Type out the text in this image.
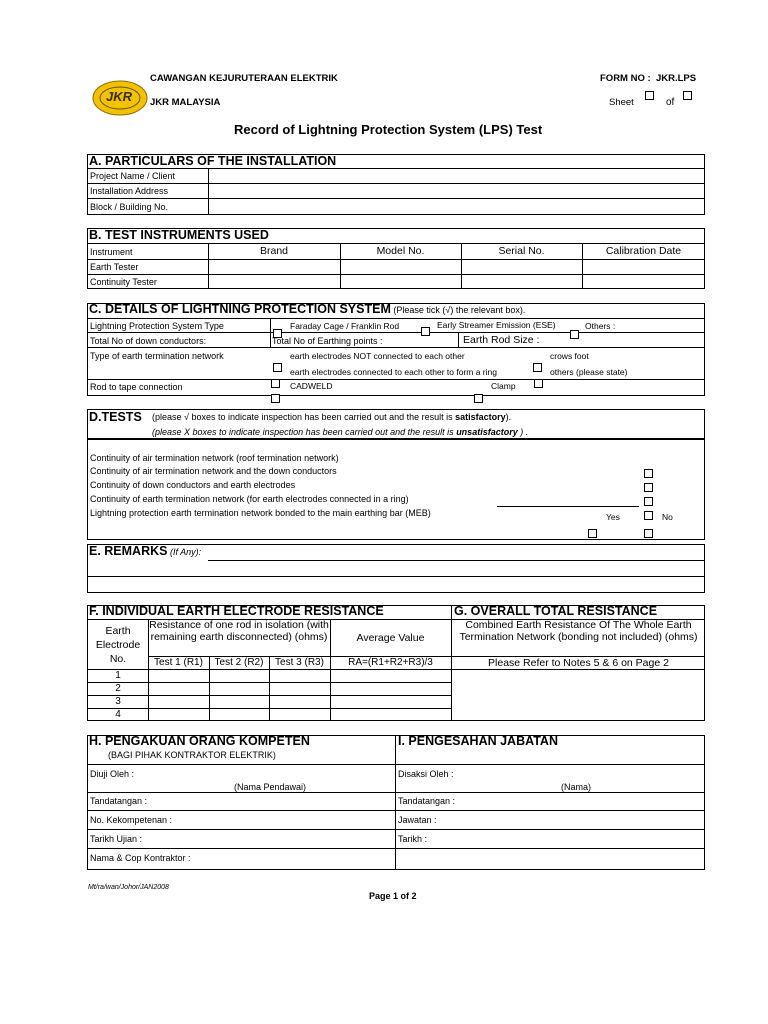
JKR
CAWANGAN KEJURUTERAAN ELEKTRIK
JKR MALAYSIA
FORM NO :  JKR.LPS
Sheet	of
Record of Lightning Protection System (LPS) Test
A. PARTICULARS OF THE INSTALLATION
Project Name / Client
Installation Address
Block / Building No.
B. TEST INSTRUMENTS USED
Instrument	Brand	Model No.	Serial No.	Calibration Date
Earth Tester
Continuity Tester
C. DETAILS OF LIGHTNING PROTECTION SYSTEM (Please tick (√) the relevant box).
Lightning Protection System Type	Faraday Cage / Franklin Rod	Early Streamer Emission (ESE)	Others :
Total No of down conductors:	Total No of Earthing points :	Earth Rod Size :
Type of earth termination network	earth electrodes NOT connected to each other	crows foot
earth electrodes connected to each other to form a ring	others (please state)
Rod to tape connection	CADWELD	Clamp
D.TESTS (please √ boxes to indicate inspection has been carried out and the result is satisfactory).
(please X boxes to indicate inspection has been carried out and the result is unsatisfactory ) .
Continuity of air termination network (roof termination network)
Continuity of air termination network and the down conductors
Continuity of down conductors and earth electrodes
Continuity of earth termination network (for earth electrodes connected in a ring)
Lightning protection earth termination network bonded to the main earthing bar (MEB)	Yes	No
E. REMARKS (If Any):
F. INDIVIDUAL EARTH ELECTRODE RESISTANCE	G. OVERALL TOTAL RESISTANCE
Earth Electrode No.
Resistance of one rod in isolation (with remaining earth disconnected) (ohms)	Average Value
Test 1 (R1)	Test 2 (R2)	Test 3 (R3)	RA=(R1+R2+R3)/3
1
2
3
4
Combined Earth Resistance Of The Whole Earth Termination Network (bonding not included) (ohms)
Please Refer to Notes 5 & 6 on Page 2
H. PENGAKUAN ORANG KOMPETEN
(BAGI PIHAK KONTRAKTOR ELEKTRIK)
I. PENGESAHAN JABATAN
Diuji Oleh :
(Nama Pendawai)
Tandatangan :
No. Kekompetenan :
Tarikh Ujian :
Nama & Cop Kontraktor :
Disaksi Oleh :
(Nama)
Tandatangan :
Jawatan :
Tarikh :
Mt/ra/wan/Johor/JAN2008
Page 1 of 2
